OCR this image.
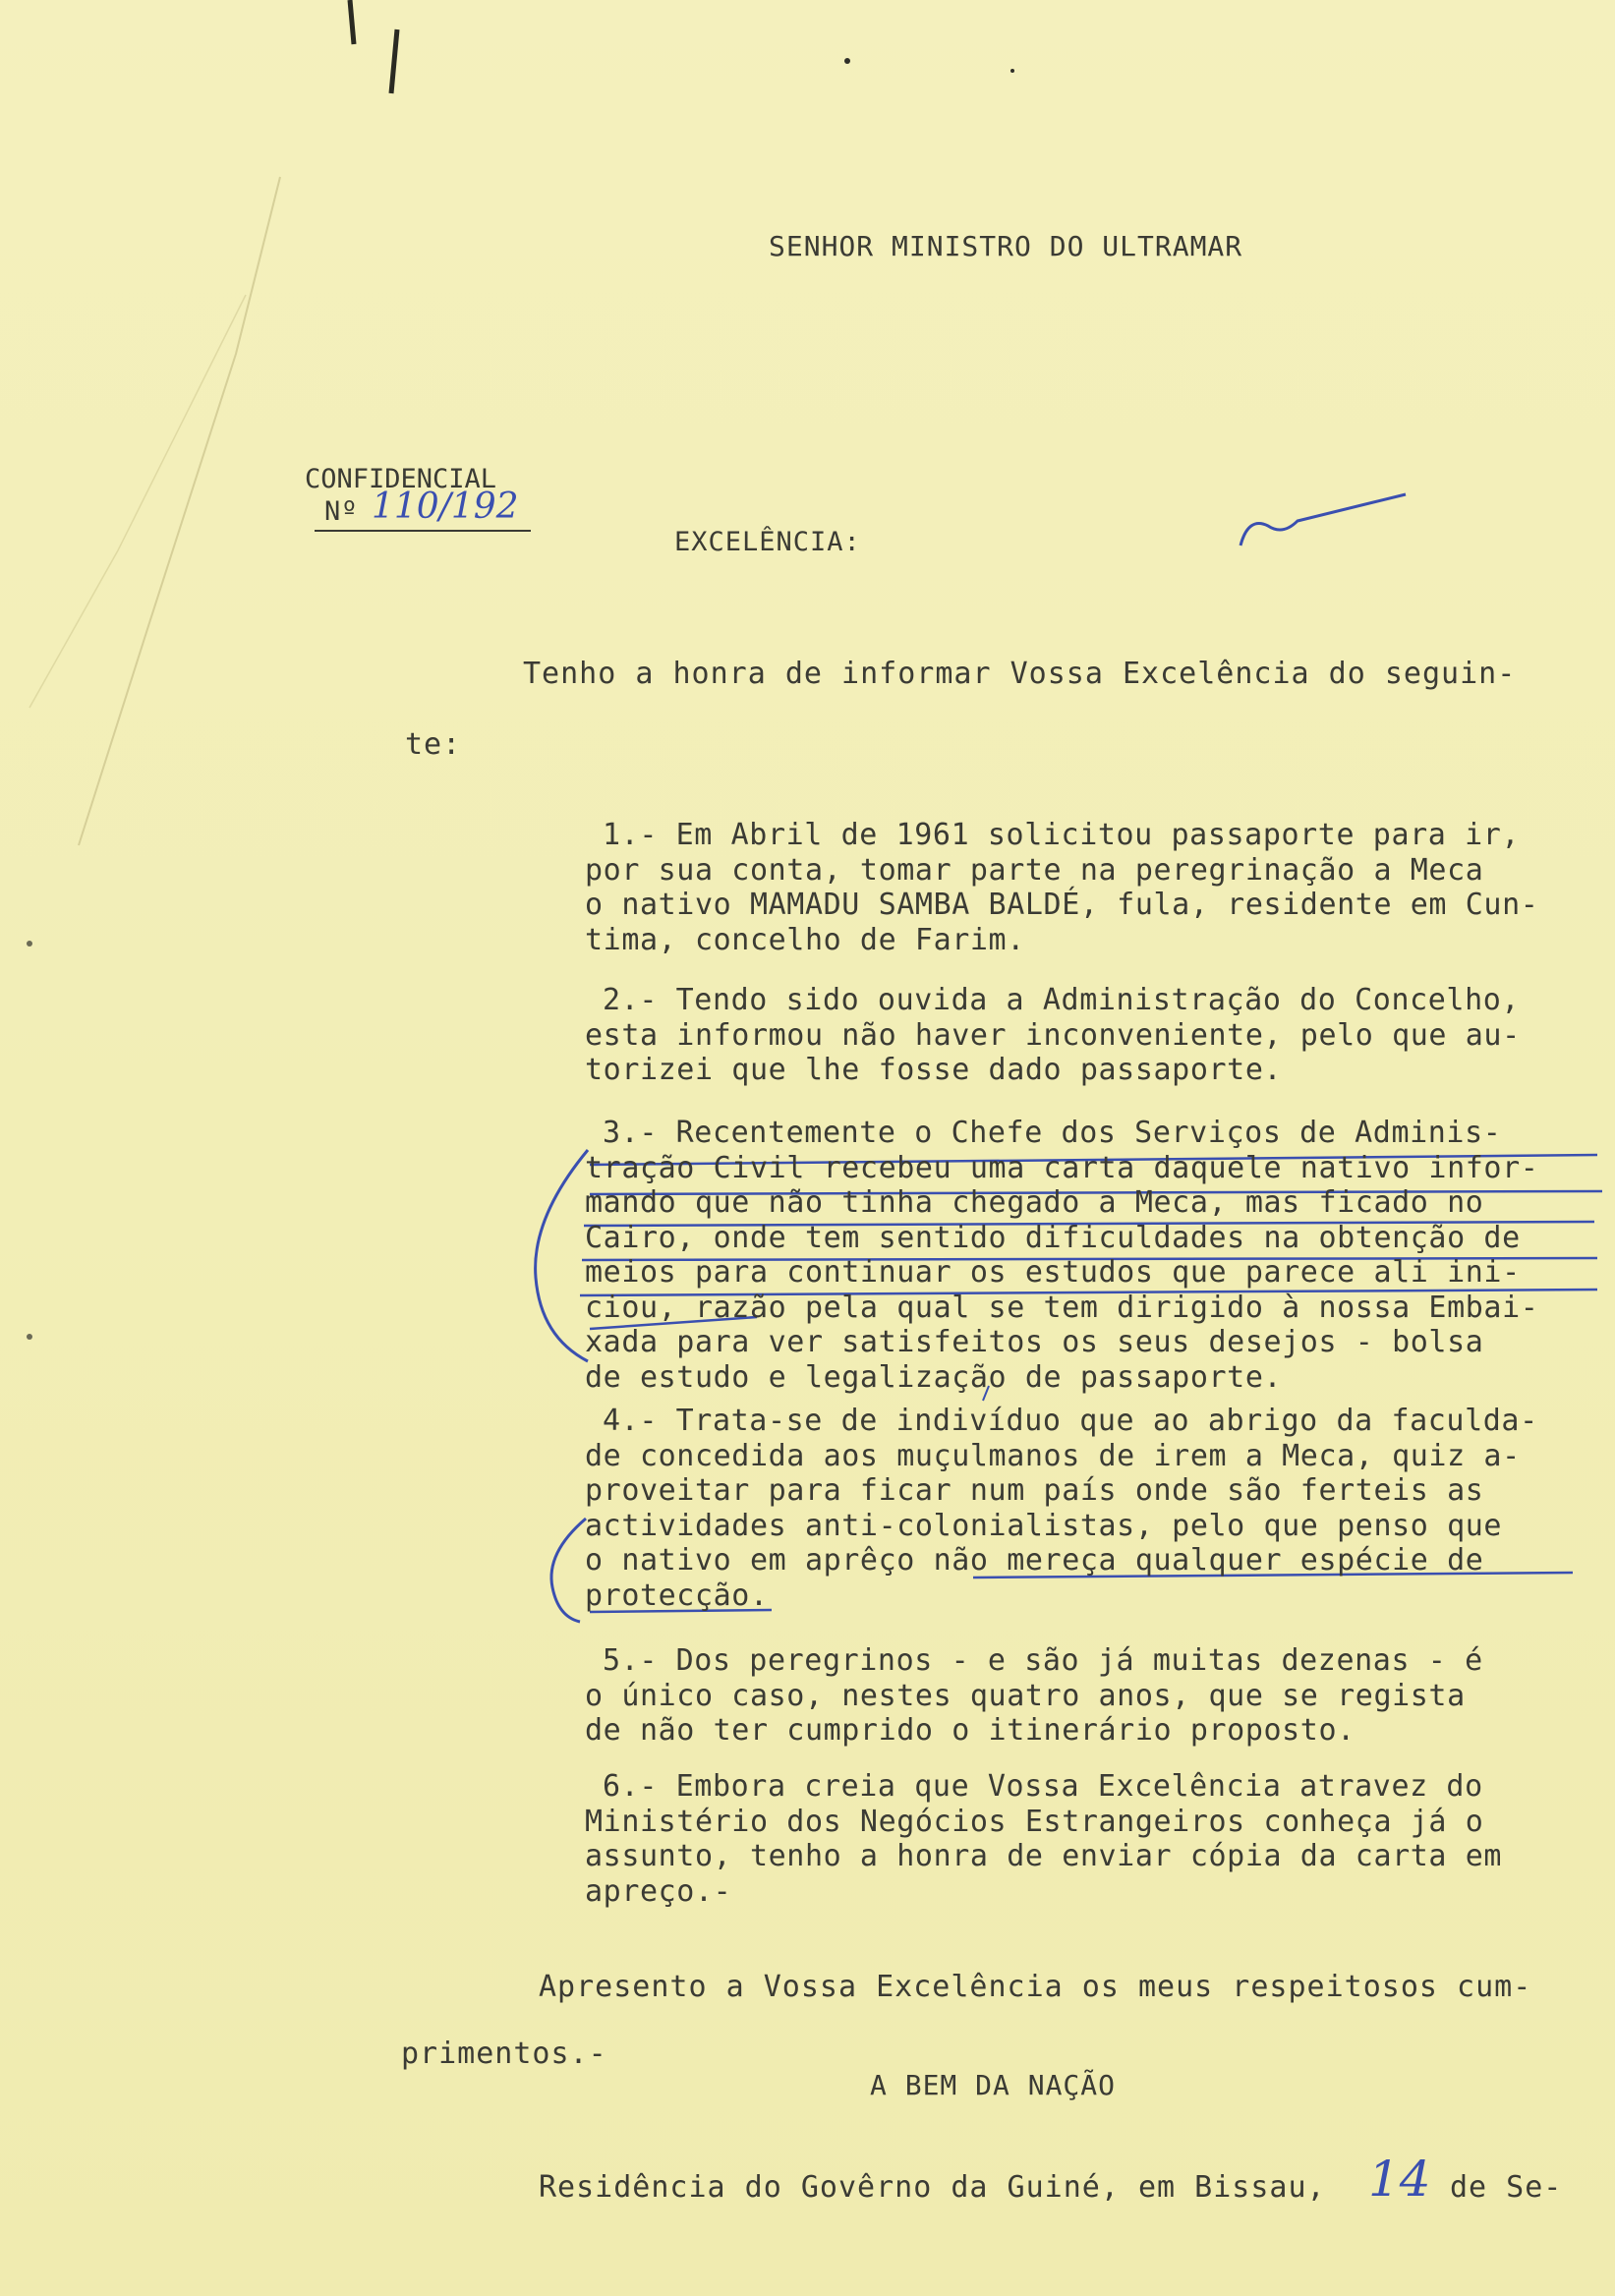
SENHOR MINISTRO DO ULTRAMAR
CONFIDENCIAL
Nº 110/192
EXCELÊNCIA:
Tenho a honra de informar Vossa Excelência do seguin-
te:
1.- Em Abril de 1961 solicitou passaporte para ir,
por sua conta, tomar parte na peregrinação a Meca
o nativo MAMADU SAMBA BALDÉ, fula, residente em Cun-
tima, concelho de Farim.
2.- Tendo sido ouvida a Administração do Concelho,
esta informou não haver inconveniente, pelo que au-
torizei que lhe fosse dado passaporte.
3.- Recentemente o Chefe dos Serviços de Adminis-
tração Civil recebeu uma carta daquele nativo infor-
mando que não tinha chegado a Meca, mas ficado no
Cairo, onde tem sentido dificuldades na obtenção de
meios para continuar os estudos que parece ali ini-
ciou, razão pela qual se tem dirigido à nossa Embai-
xada para ver satisfeitos os seus desejos - bolsa
de estudo e legalização de passaporte.
4.- Trata-se de indivíduo que ao abrigo da faculda-
de concedida aos muçulmanos de irem a Meca, quiz a-
proveitar para ficar num país onde são ferteis as
actividades anti-colonialistas, pelo que penso que
o nativo em aprêço não mereça qualquer espécie de
protecção.
5.- Dos peregrinos - e são já muitas dezenas - é
o único caso, nestes quatro anos, que se regista
de não ter cumprido o itinerário proposto.
6.- Embora creia que Vossa Excelência atravez do
Ministério dos Negócios Estrangeiros conheça já o
assunto, tenho a honra de enviar cópia da carta em
apreço.-
Apresento a Vossa Excelência os meus respeitosos cum-
primentos.-
A BEM DA NAÇÃO
Residência do Govêrno da Guiné, em Bissau, 14 de Se-
